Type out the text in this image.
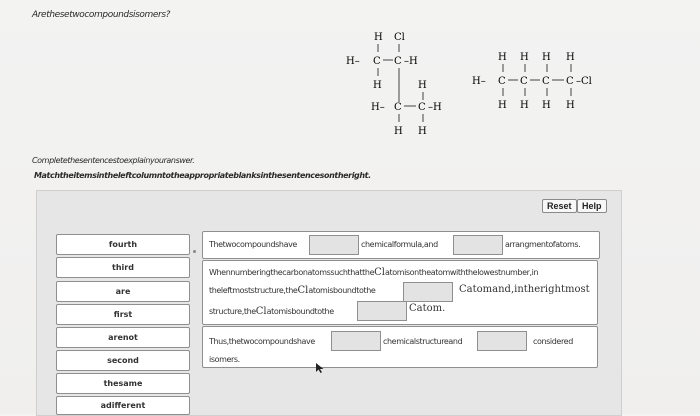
Arethesetwocompoundsisomers?
H Cl
H– C C –H
H	H
H– C C –H
H H
H H H H
H– C C C C –Cl
H H H H
Completethesentencestoexplainyouranswer.
Matchtheitemsintheleftcolumntotheappropriateblanksinthesentencesontheright.
Reset	Help
fourth
third
are
first
arenot
second
thesame
adifferent
Thetwocompoundshave	chemicalformula,and	arrangmentofatoms.
WhennumberingthecarbonatomssuchthattheClatomisontheatomwiththelowestnumber,in
theleftmoststructure,theClatomisboundtothe	Catomand,intherightmost
structure,theClatomisboundtothe	Catom.
Thus,thetwocompoundshave	chemicalstructureand	considered
isomers.
